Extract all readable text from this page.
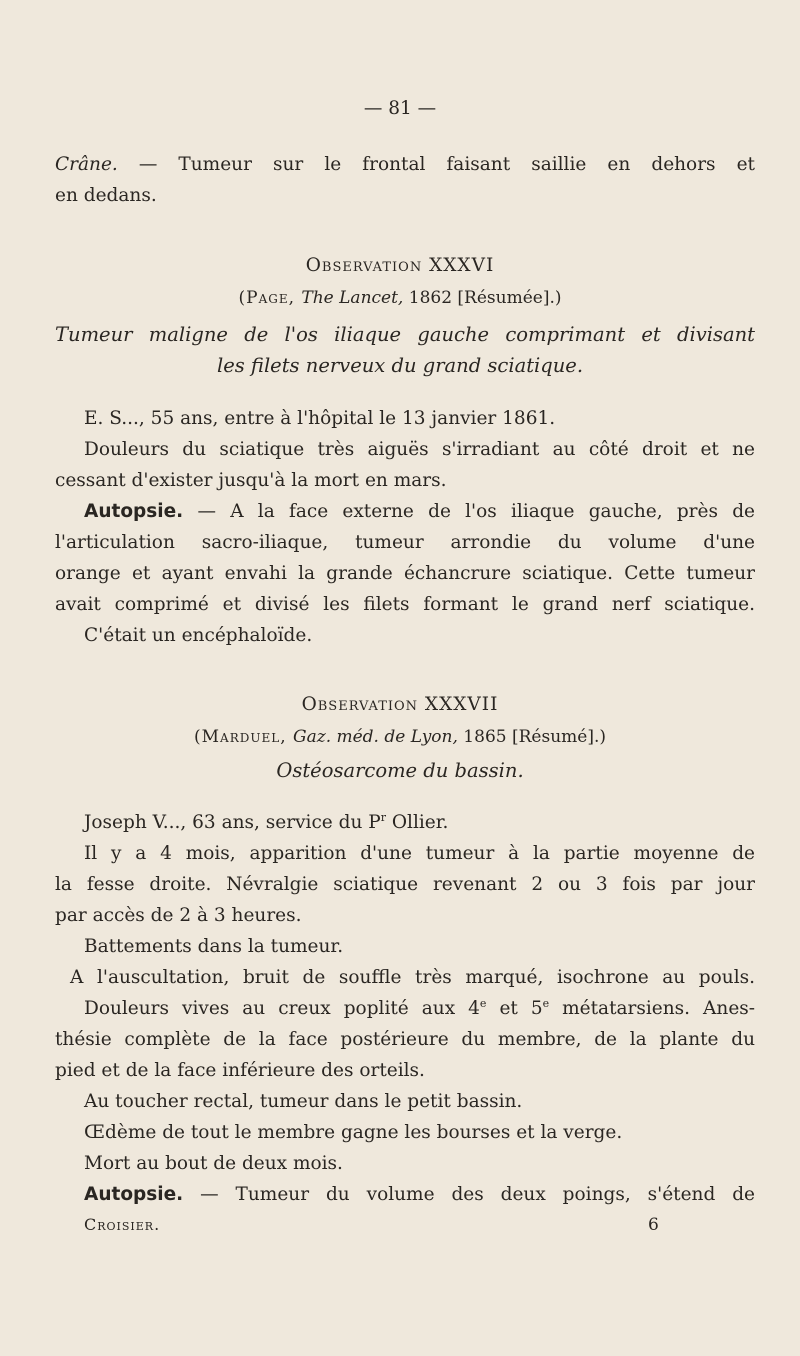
— 81 —
Crâne. — Tumeur sur le frontal faisant saillie en dehors et
en dedans.
Observation XXXVI
(Page, The Lancet, 1862 [Résumée].)
Tumeur maligne de l'os iliaque gauche comprimant et divisant
les filets nerveux du grand sciatique.
E. S..., 55 ans, entre à l'hôpital le 13 janvier 1861.
Douleurs du sciatique très aiguës s'irradiant au côté droit et ne
cessant d'exister jusqu'à la mort en mars.
Autopsie. — A la face externe de l'os iliaque gauche, près de
l'articulation sacro-iliaque, tumeur arrondie du volume d'une
orange et ayant envahi la grande échancrure sciatique. Cette tumeur
avait comprimé et divisé les filets formant le grand nerf sciatique.
C'était un encéphaloïde.
Observation XXXVII
(Marduel, Gaz. méd. de Lyon, 1865 [Résumé].)
Ostéosarcome du bassin.
Joseph V..., 63 ans, service du $P^r$ Ollier.
Il y a 4 mois, apparition d'une tumeur à la partie moyenne de
la fesse droite. Névralgie sciatique revenant 2 ou 3 fois par jour
par accès de 2 à 3 heures.
Battements dans la tumeur.
A l'auscultation, bruit de souffle très marqué, isochrone au pouls.
Douleurs vives au creux poplité aux 4e et 5e métatarsiens. Anes-
thésie complète de la face postérieure du membre, de la plante du
pied et de la face inférieure des orteils.
Au toucher rectal, tumeur dans le petit bassin.
Œdème de tout le membre gagne les bourses et la verge.
Mort au bout de deux mois.
Autopsie. — Tumeur du volume des deux poings, s'étend de
Croisier.	6
